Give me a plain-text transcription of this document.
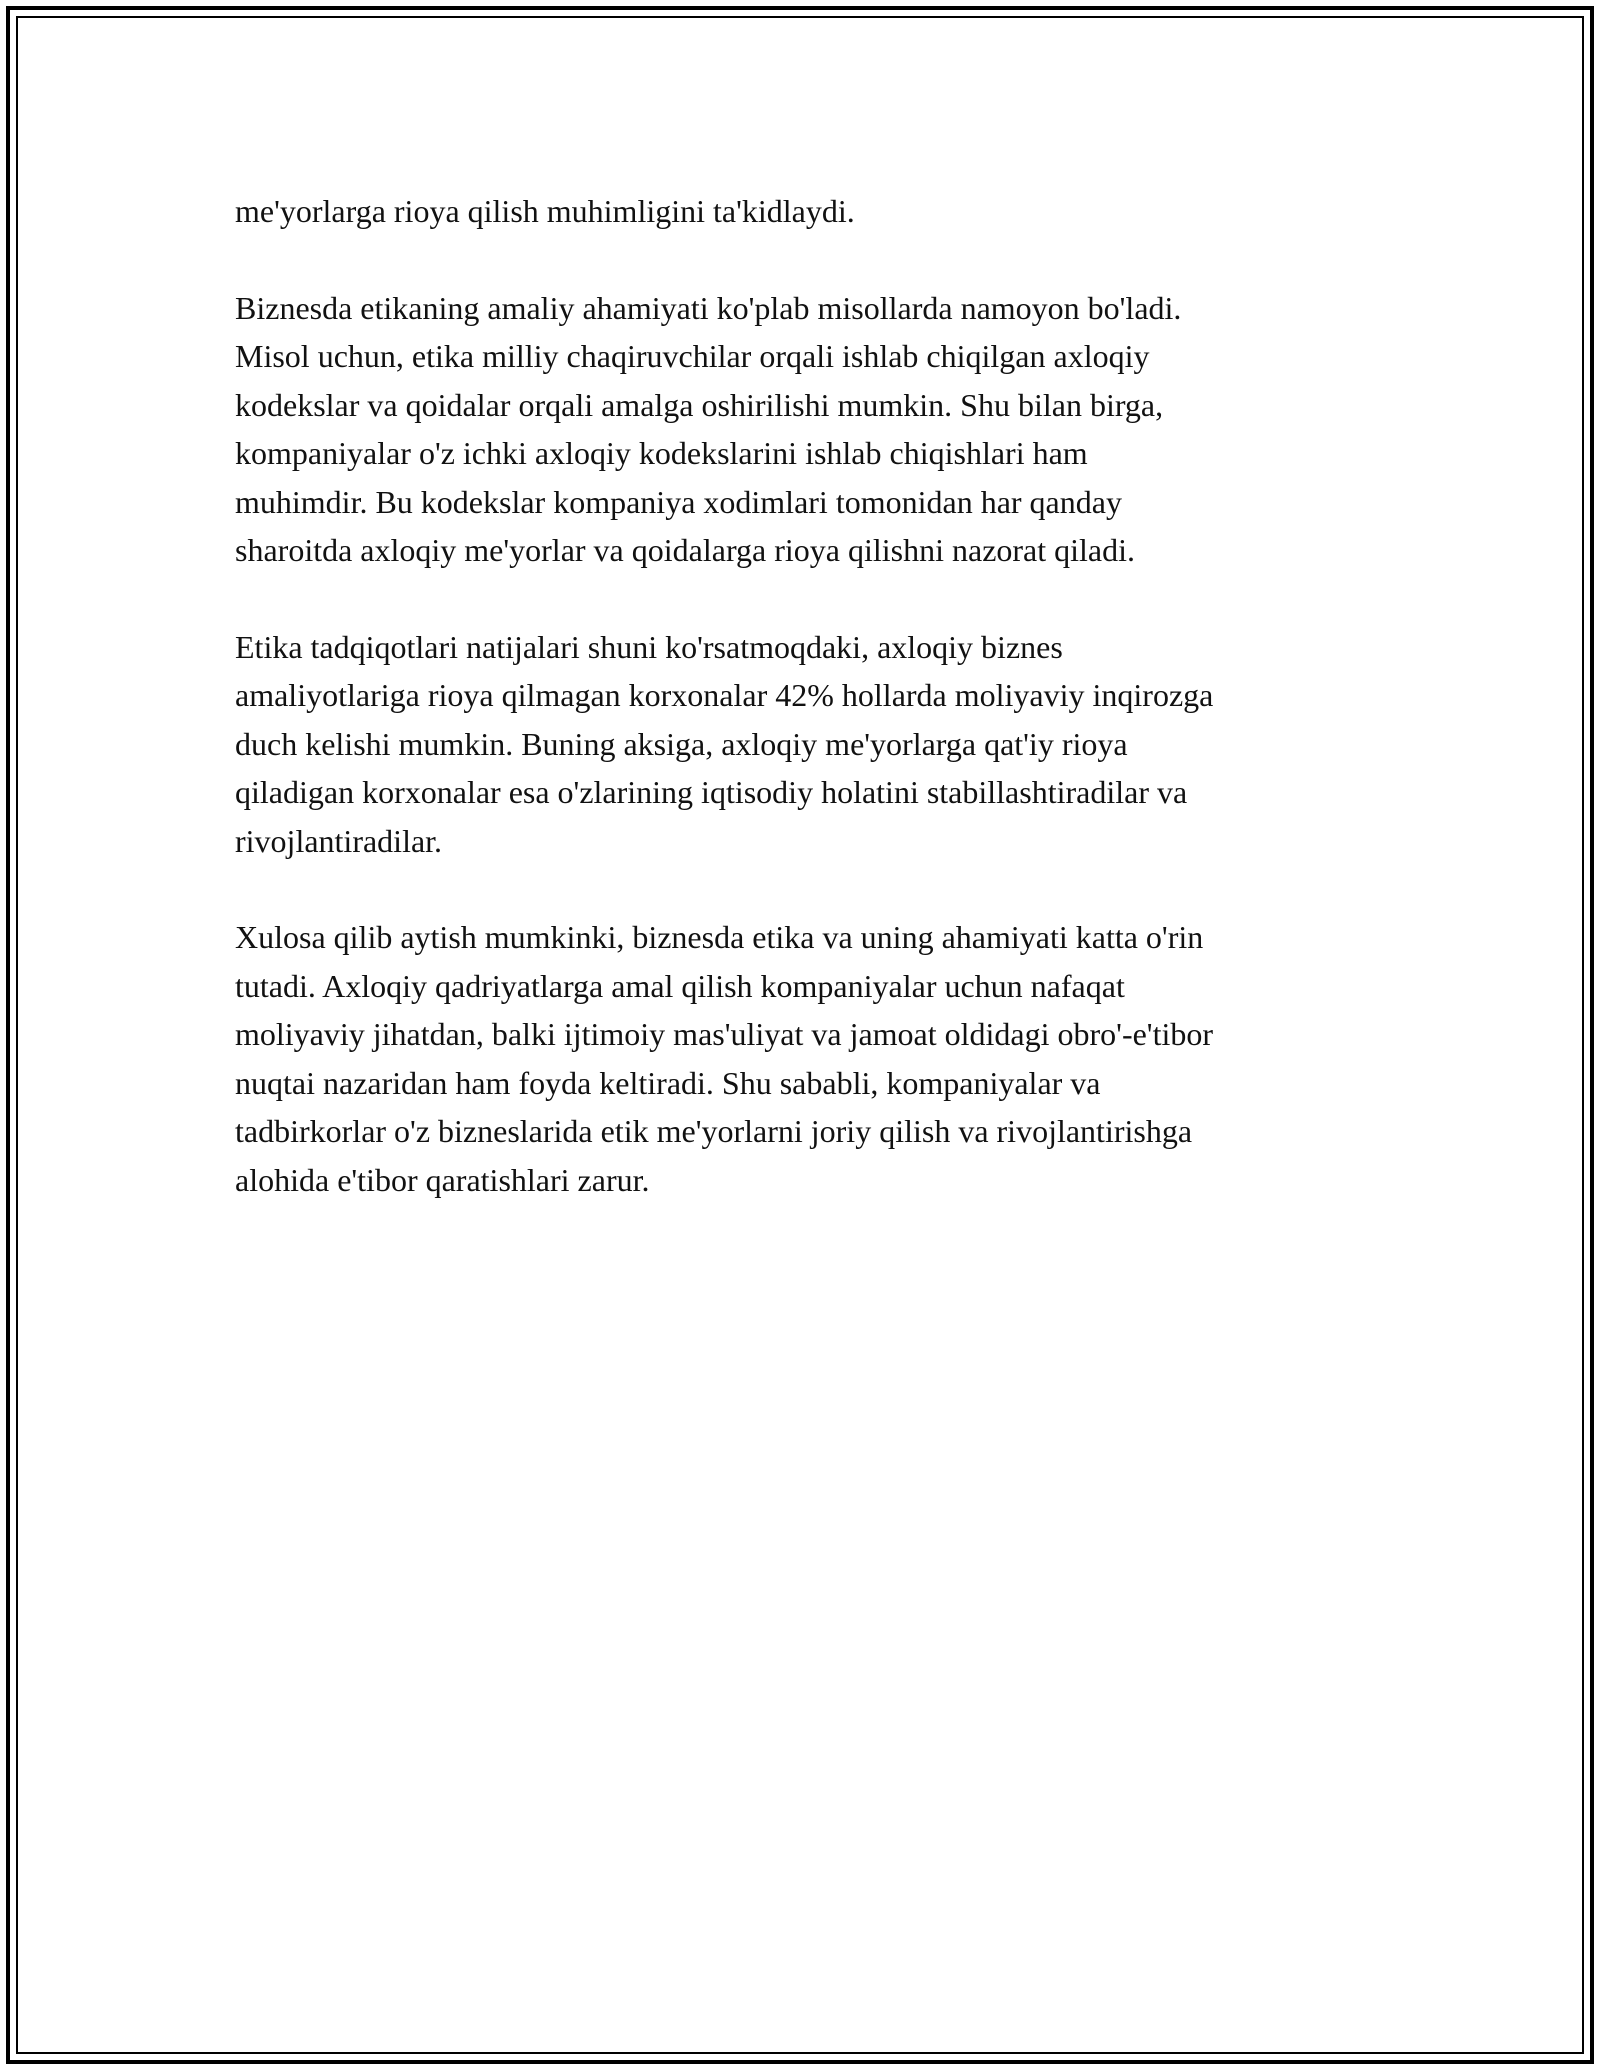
me'yorlarga rioya qilish muhimligini ta'kidlaydi.

Biznesda etikaning amaliy ahamiyati ko'plab misollarda namoyon bo'ladi.
Misol uchun, etika milliy chaqiruvchilar orqali ishlab chiqilgan axloqiy
kodekslar va qoidalar orqali amalga oshirilishi mumkin. Shu bilan birga,
kompaniyalar o'z ichki axloqiy kodekslarini ishlab chiqishlari ham
muhimdir. Bu kodekslar kompaniya xodimlari tomonidan har qanday
sharoitda axloqiy me'yorlar va qoidalarga rioya qilishni nazorat qiladi.

Etika tadqiqotlari natijalari shuni ko'rsatmoqdaki, axloqiy biznes
amaliyotlariga rioya qilmagan korxonalar 42% hollarda moliyaviy inqirozga
duch kelishi mumkin. Buning aksiga, axloqiy me'yorlarga qat'iy rioya
qiladigan korxonalar esa o'zlarining iqtisodiy holatini stabillashtiradilar va
rivojlantiradilar.

Xulosa qilib aytish mumkinki, biznesda etika va uning ahamiyati katta o'rin
tutadi. Axloqiy qadriyatlarga amal qilish kompaniyalar uchun nafaqat
moliyaviy jihatdan, balki ijtimoiy mas'uliyat va jamoat oldidagi obro'-e'tibor
nuqtai nazaridan ham foyda keltiradi. Shu sababli, kompaniyalar va
tadbirkorlar o'z bizneslarida etik me'yorlarni joriy qilish va rivojlantirishga
alohida e'tibor qaratishlari zarur.
